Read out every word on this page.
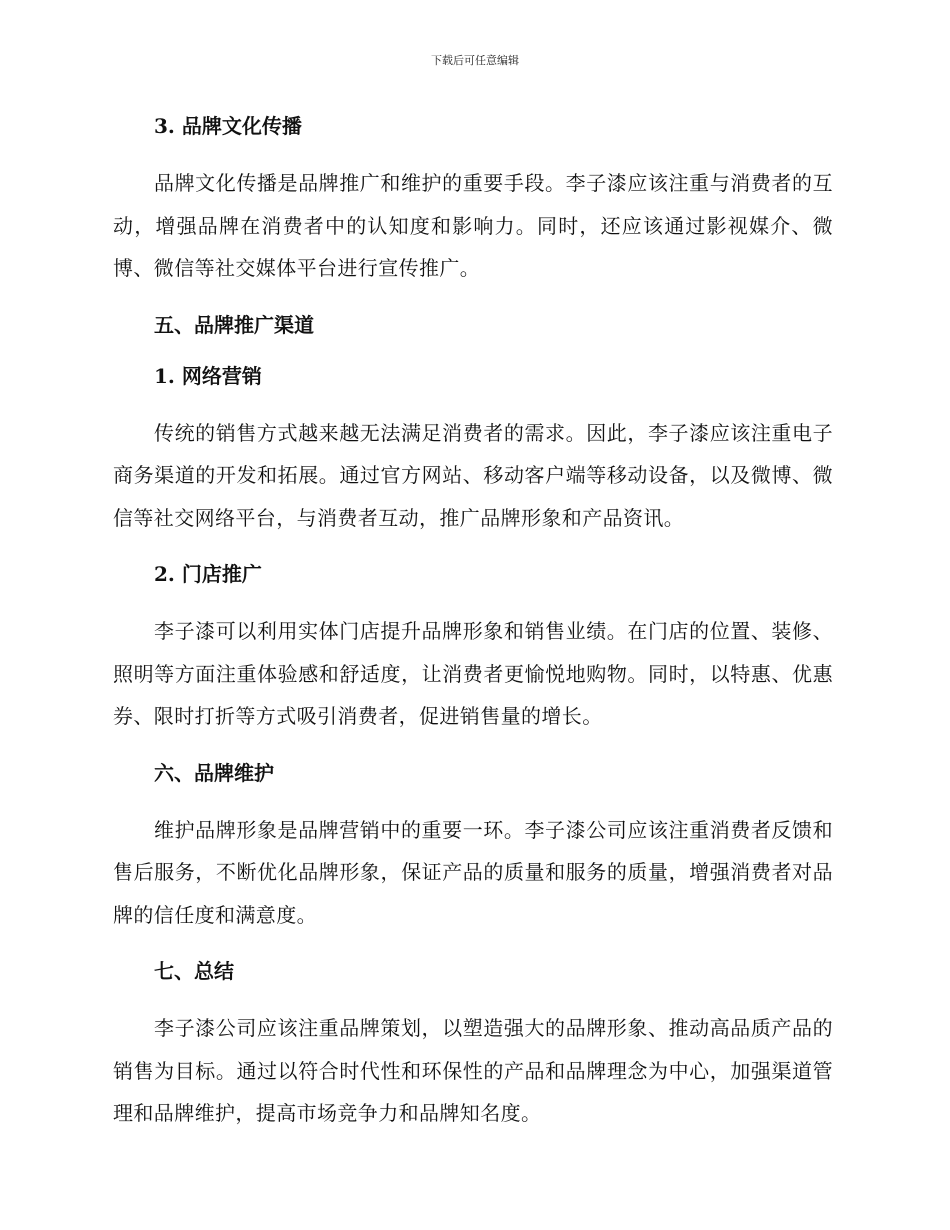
下载后可任意编辑
3. 品牌文化传播

品牌文化传播是品牌推广和维护的重要手段。李子漆应该注重与消费者的互动，增强品牌在消费者中的认知度和影响力。同时，还应该通过影视媒介、微博、微信等社交媒体平台进行宣传推广。

五、品牌推广渠道
1. 网络营销

传统的销售方式越来越无法满足消费者的需求。因此，李子漆应该注重电子商务渠道的开发和拓展。通过官方网站、移动客户端等移动设备，以及微博、微信等社交网络平台，与消费者互动，推广品牌形象和产品资讯。

2. 门店推广

李子漆可以利用实体门店提升品牌形象和销售业绩。在门店的位置、装修、照明等方面注重体验感和舒适度，让消费者更愉悦地购物。同时，以特惠、优惠券、限时打折等方式吸引消费者，促进销售量的增长。

六、品牌维护

维护品牌形象是品牌营销中的重要一环。李子漆公司应该注重消费者反馈和售后服务，不断优化品牌形象，保证产品的质量和服务的质量，增强消费者对品牌的信任度和满意度。

七、总结

李子漆公司应该注重品牌策划，以塑造强大的品牌形象、推动高品质产品的销售为目标。通过以符合时代性和环保性的产品和品牌理念为中心，加强渠道管理和品牌维护，提高市场竞争力和品牌知名度。
